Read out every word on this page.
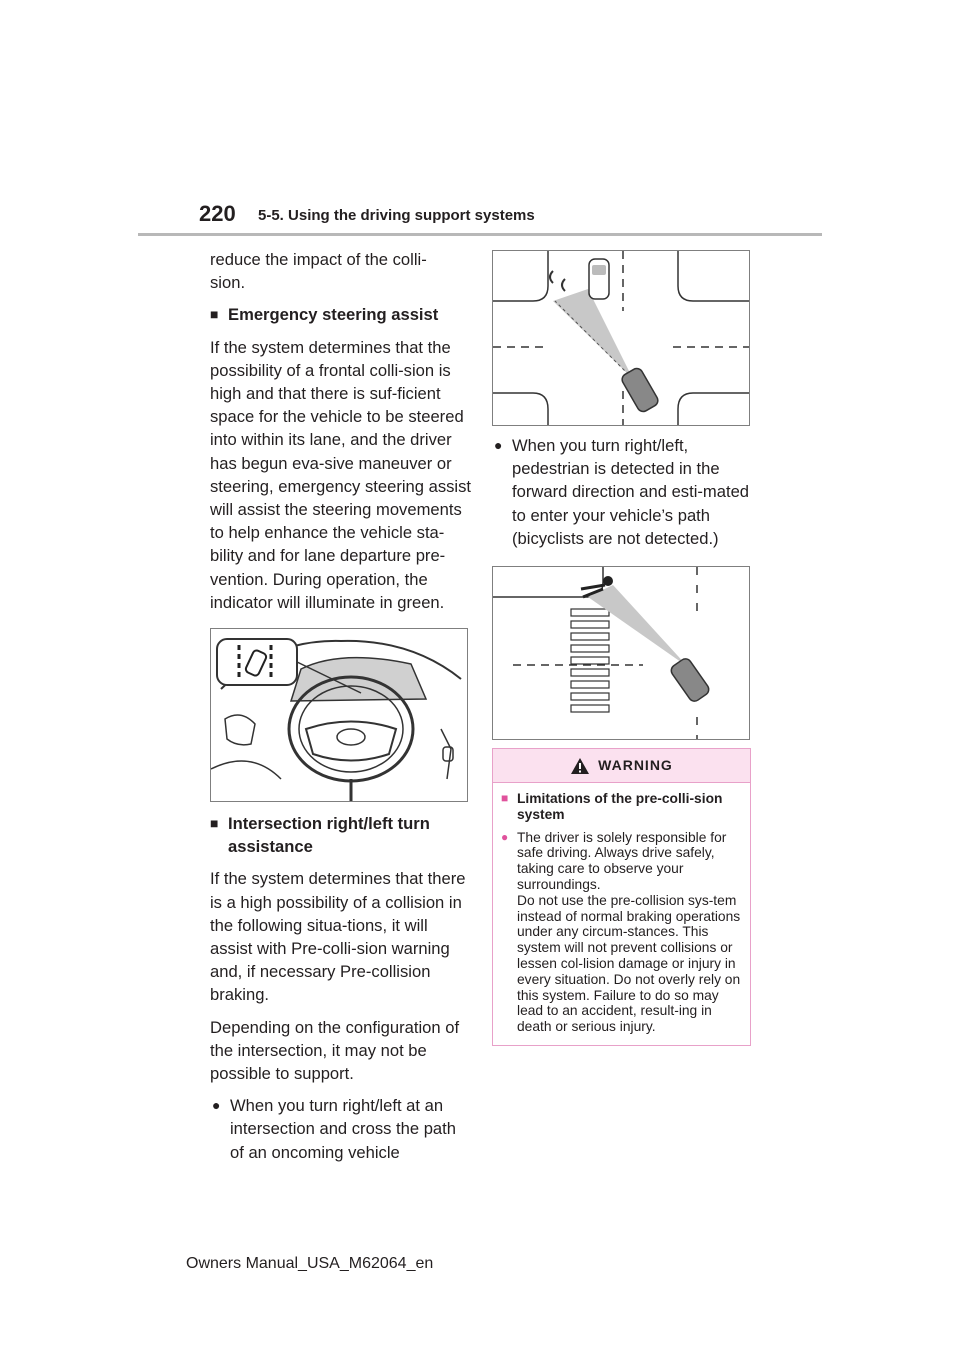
220 5-5. Using the driving support systems

reduce the impact of the colli-
sion.

■ Emergency steering assist

If the system determines that the possibility of a frontal colli-sion is high and that there is suf-ficient space for the vehicle to be steered into within its lane, and the driver has begun eva-sive maneuver or steering, emergency steering assist will assist the steering movements to help enhance the vehicle sta-bility and for lane departure pre-vention. During operation, the indicator will illuminate in green.

■ Intersection right/left turn assistance

If the system determines that there is a high possibility of a collision in the following situa-tions, it will assist with Pre-colli-sion warning and, if necessary Pre-collision braking.

Depending on the configuration of the intersection, it may not be possible to support.

● When you turn right/left at an intersection and cross the path of an oncoming vehicle
● When you turn right/left, pedestrian is detected in the forward direction and esti-mated to enter your vehicle’s path (bicyclists are not detected.)
WARNING
■ Limitations of the pre-colli-sion system
● The driver is solely responsible for safe driving. Always drive safely, taking care to observe your surroundings.
Do not use the pre-collision sys-tem instead of normal braking operations under any circum-stances. This system will not prevent collisions or lessen col-lision damage or injury in every situation. Do not overly rely on this system. Failure to do so may lead to an accident, result-ing in death or serious injury.
Owners Manual_USA_M62064_en
